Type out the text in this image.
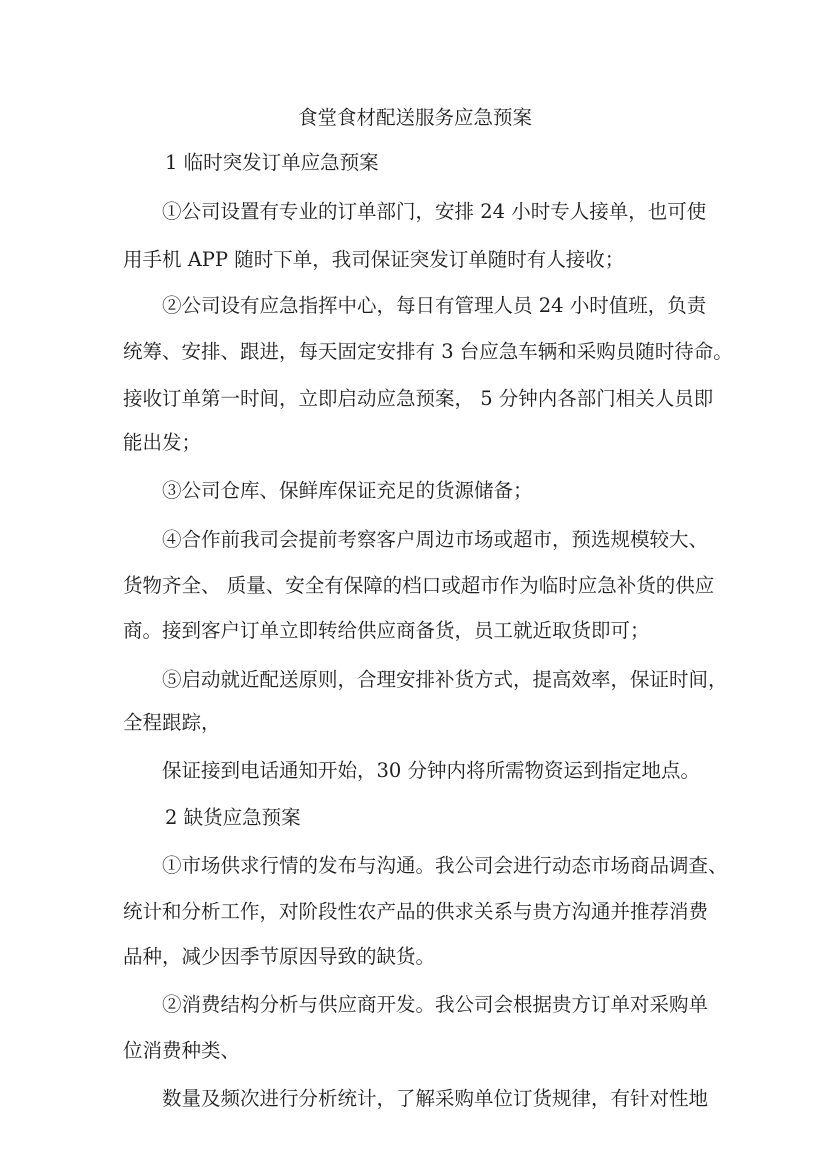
食堂食材配送服务应急预案
1 临时突发订单应急预案
①公司设置有专业的订单部门，安排 24 小时专人接单，也可使
用手机 APP 随时下单，我司保证突发订单随时有人接收；
②公司设有应急指挥中心，每日有管理人员 24 小时值班，负责
统筹、安排、跟进，每天固定安排有 3 台应急车辆和采购员随时待命。
接收订单第一时间，立即启动应急预案， 5 分钟内各部门相关人员即
能出发；
③公司仓库、保鲜库保证充足的货源储备；
④合作前我司会提前考察客户周边市场或超市，预选规模较大、
货物齐全、 质量、安全有保障的档口或超市作为临时应急补货的供应
商。接到客户订单立即转给供应商备货，员工就近取货即可；
⑤启动就近配送原则，合理安排补货方式，提高效率，保证时间，
全程跟踪，
保证接到电话通知开始，30 分钟内将所需物资运到指定地点。
2 缺货应急预案
①市场供求行情的发布与沟通。我公司会进行动态市场商品调查、
统计和分析工作，对阶段性农产品的供求关系与贵方沟通并推荐消费
品种，减少因季节原因导致的缺货。
②消费结构分析与供应商开发。我公司会根据贵方订单对采购单
位消费种类、
数量及频次进行分析统计，了解采购单位订货规律，有针对性地
